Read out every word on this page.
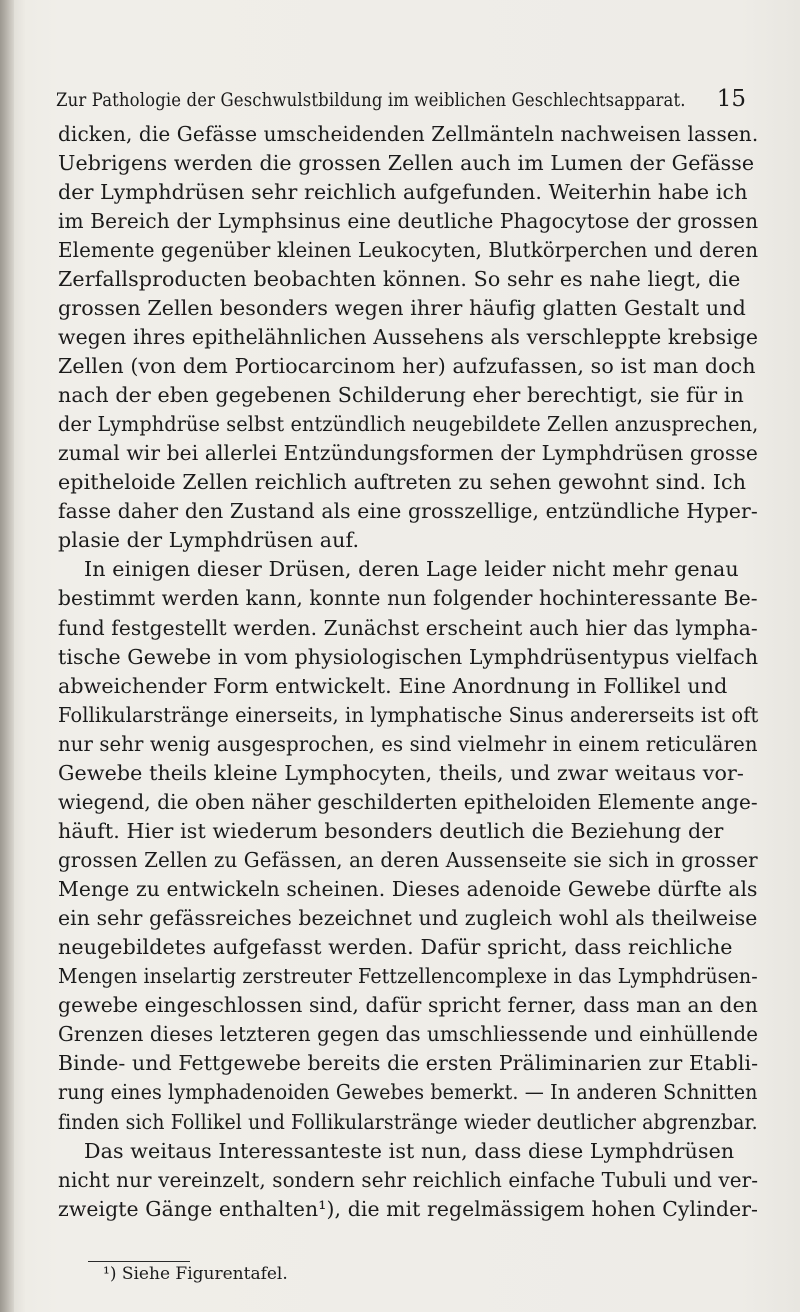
Zur Pathologie der Geschwulstbildung im weiblichen Geschlechtsapparat. 15
dicken, die Gefässe umscheidenden Zellmänteln nachweisen lassen.
Uebrigens werden die grossen Zellen auch im Lumen der Gefässe
der Lymphdrüsen sehr reichlich aufgefunden. Weiterhin habe ich
im Bereich der Lymphsinus eine deutliche Phagocytose der grossen
Elemente gegenüber kleinen Leukocyten, Blutkörperchen und deren
Zerfallsproducten beobachten können. So sehr es nahe liegt, die
grossen Zellen besonders wegen ihrer häufig glatten Gestalt und
wegen ihres epithelähnlichen Aussehens als verschleppte krebsige
Zellen (von dem Portiocarcinom her) aufzufassen, so ist man doch
nach der eben gegebenen Schilderung eher berechtigt, sie für in
der Lymphdrüse selbst entzündlich neugebildete Zellen anzusprechen,
zumal wir bei allerlei Entzündungsformen der Lymphdrüsen grosse
epitheloide Zellen reichlich auftreten zu sehen gewohnt sind. Ich
fasse daher den Zustand als eine grosszellige, entzündliche Hyper-
plasie der Lymphdrüsen auf.
In einigen dieser Drüsen, deren Lage leider nicht mehr genau
bestimmt werden kann, konnte nun folgender hochinteressante Be-
fund festgestellt werden. Zunächst erscheint auch hier das lympha-
tische Gewebe in vom physiologischen Lymphdrüsentypus vielfach
abweichender Form entwickelt. Eine Anordnung in Follikel und
Follikularstränge einerseits, in lymphatische Sinus andererseits ist oft
nur sehr wenig ausgesprochen, es sind vielmehr in einem reticulären
Gewebe theils kleine Lymphocyten, theils, und zwar weitaus vor-
wiegend, die oben näher geschilderten epitheloiden Elemente ange-
häuft. Hier ist wiederum besonders deutlich die Beziehung der
grossen Zellen zu Gefässen, an deren Aussenseite sie sich in grosser
Menge zu entwickeln scheinen. Dieses adenoide Gewebe dürfte als
ein sehr gefässreiches bezeichnet und zugleich wohl als theilweise
neugebildetes aufgefasst werden. Dafür spricht, dass reichliche
Mengen inselartig zerstreuter Fettzellencomplexe in das Lymphdrüsen-
gewebe eingeschlossen sind, dafür spricht ferner, dass man an den
Grenzen dieses letzteren gegen das umschliessende und einhüllende
Binde- und Fettgewebe bereits die ersten Präliminarien zur Etabli-
rung eines lymphadenoiden Gewebes bemerkt. — In anderen Schnitten
finden sich Follikel und Follikularstränge wieder deutlicher abgrenzbar.
Das weitaus Interessanteste ist nun, dass diese Lymphdrüsen
nicht nur vereinzelt, sondern sehr reichlich einfache Tubuli und ver-
zweigte Gänge enthalten¹), die mit regelmässigem hohen Cylinder-
¹) Siehe Figurentafel.
